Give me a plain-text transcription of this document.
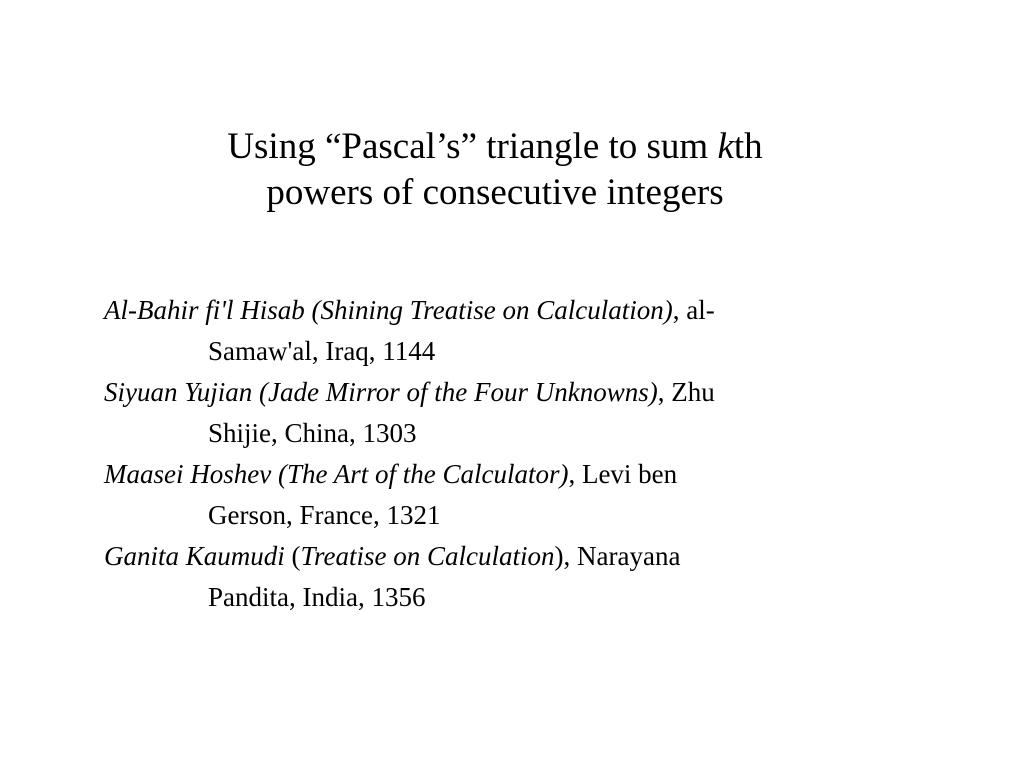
Using “Pascal’s” triangle to sum kth
powers of consecutive integers
Al-Bahir fi'l Hisab (Shining Treatise on Calculation), al-
Samaw'al, Iraq, 1144
Siyuan Yujian (Jade Mirror of the Four Unknowns), Zhu
Shijie, China, 1303
Maasei Hoshev (The Art of the Calculator), Levi ben
Gerson, France, 1321
Ganita Kaumudi (Treatise on Calculation), Narayana
Pandita, India, 1356
